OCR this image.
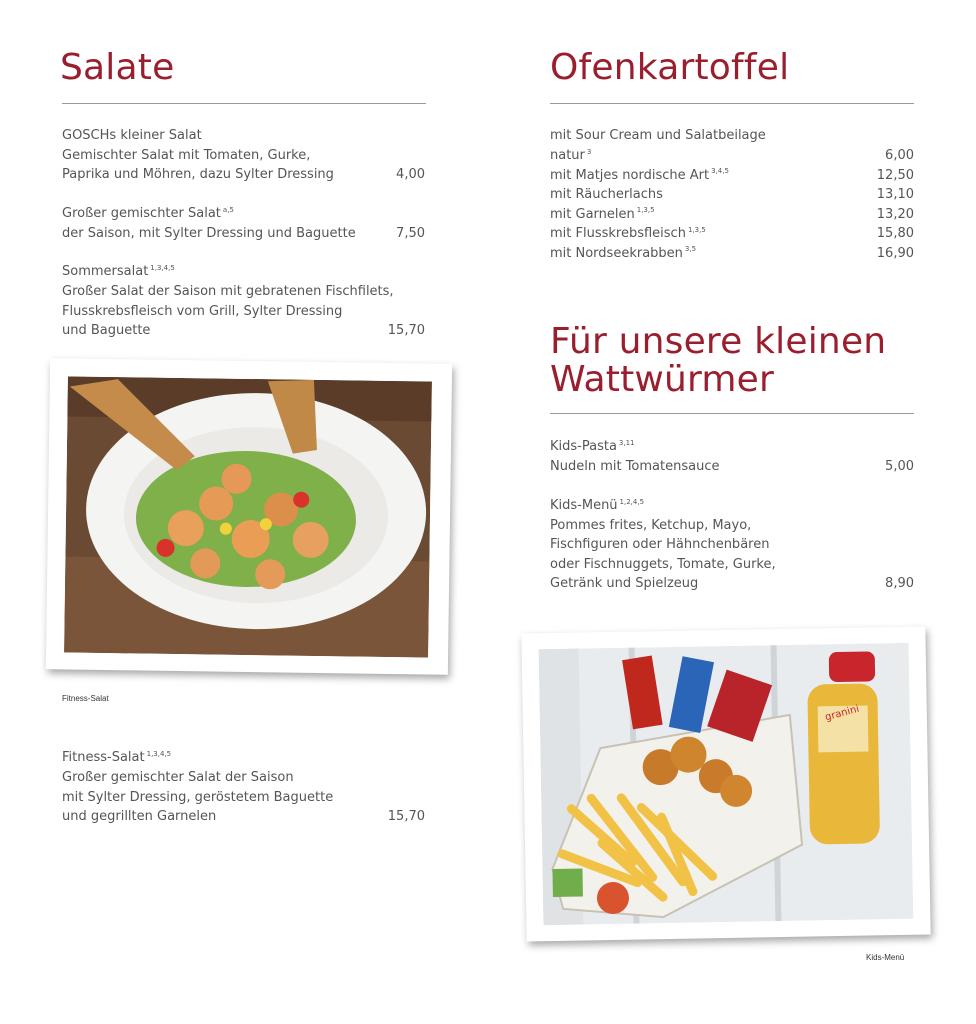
Salate
GOSCHs kleiner Salat
Gemischter Salat mit Tomaten, Gurke,
Paprika und Möhren, dazu Sylter Dressing	4,00
Großer gemischter Salat $^{a,5}$
der Saison, mit Sylter Dressing und Baguette	7,50
Sommersalat $^{1,3,4,5}$
Großer Salat der Saison mit gebratenen Fischfilets,
Flusskrebsfleisch vom Grill, Sylter Dressing
und Baguette	15,70
Fitness-Salat
Fitness-Salat $^{1,3,4,5}$
Großer gemischter Salat der Saison
mit Sylter Dressing, geröstetem Baguette
und gegrillten Garnelen	15,70
Ofenkartoffel
mit Sour Cream und Salatbeilage
natur $^3$	6,00
mit Matjes nordische Art $^{3,4,5}$	12,50
mit Räucherlachs	13,10
mit Garnelen $^{1,3,5}$	13,20
mit Flusskrebsfleisch $^{1,3,5}$	15,80
mit Nordseekrabben $^{3,5}$	16,90
Für unsere kleinen
Wattwürmer
Kids-Pasta $^{3,11}$
Nudeln mit Tomatensauce	5,00
Kids-Menü $^{1,2,4,5}$
Pommes frites, Ketchup, Mayo,
Fischfiguren oder Hähnchenbären
oder Fischnuggets, Tomate, Gurke,
Getränk und Spielzeug	8,90
granini
Kids-Menü
